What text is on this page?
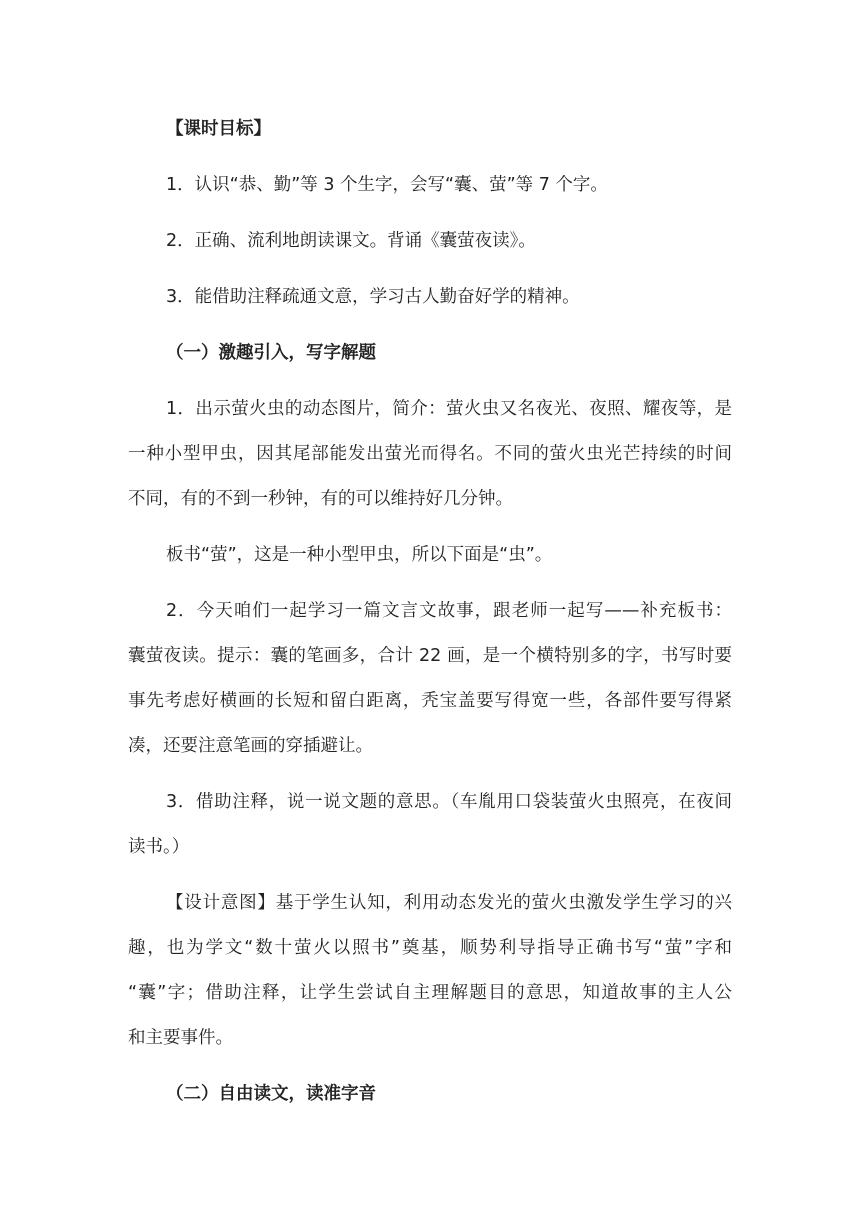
【课时目标】
1．认识“恭、勤”等 3 个生字，会写“囊、萤”等 7 个字。
2．正确、流利地朗读课文。背诵《囊萤夜读》。
3．能借助注释疏通文意，学习古人勤奋好学的精神。
（一）激趣引入，写字解题
1．出示萤火虫的动态图片，简介：萤火虫又名夜光、夜照、耀夜等，是
一种小型甲虫，因其尾部能发出萤光而得名。不同的萤火虫光芒持续的时间
不同，有的不到一秒钟，有的可以维持好几分钟。
板书“萤”，这是一种小型甲虫，所以下面是“虫”。
2．今天咱们一起学习一篇文言文故事，跟老师一起写——补充板书：
囊萤夜读。提示：囊的笔画多，合计 22 画，是一个横特别多的字，书写时要
事先考虑好横画的长短和留白距离，秃宝盖要写得宽一些，各部件要写得紧
凑，还要注意笔画的穿插避让。
3．借助注释，说一说文题的意思。（车胤用口袋装萤火虫照亮，在夜间
读书。）
【设计意图】基于学生认知，利用动态发光的萤火虫激发学生学习的兴
趣，也为学文“数十萤火以照书”奠基，顺势利导指导正确书写“萤”字和
“囊”字；借助注释，让学生尝试自主理解题目的意思，知道故事的主人公
和主要事件。
（二）自由读文，读准字音
